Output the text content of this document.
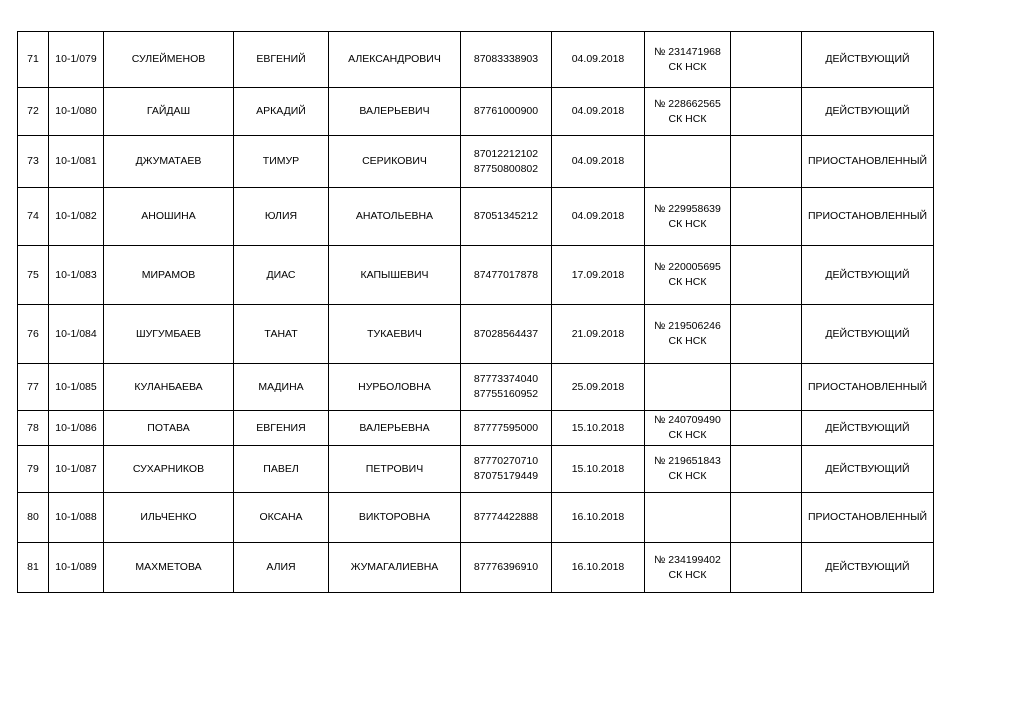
71	10-1/079	СУЛЕЙМЕНОВ	ЕВГЕНИЙ	АЛЕКСАНДРОВИЧ	87083338903	04.09.2018	№ 231471968
СК НСК		ДЕЙСТВУЮЩИЙ
72	10-1/080	ГАЙДАШ	АРКАДИЙ	ВАЛЕРЬЕВИЧ	87761000900	04.09.2018	№ 228662565
СК НСК		ДЕЙСТВУЮЩИЙ
73	10-1/081	ДЖУМАТАЕВ	ТИМУР	СЕРИКОВИЧ	87012212102
87750800802	04.09.2018			ПРИОСТАНОВЛЕННЫЙ
74	10-1/082	АНОШИНА	ЮЛИЯ	АНАТОЛЬЕВНА	87051345212	04.09.2018	№ 229958639
СК НСК		ПРИОСТАНОВЛЕННЫЙ
75	10-1/083	МИРАМОВ	ДИАС	КАПЫШЕВИЧ	87477017878	17.09.2018	№ 220005695
СК НСК		ДЕЙСТВУЮЩИЙ
76	10-1/084	ШУГУМБАЕВ	ТАНАТ	ТУКАЕВИЧ	87028564437	21.09.2018	№ 219506246
СК НСК		ДЕЙСТВУЮЩИЙ
77	10-1/085	КУЛАНБАЕВА	МАДИНА	НУРБОЛОВНА	87773374040
87755160952	25.09.2018			ПРИОСТАНОВЛЕННЫЙ
78	10-1/086	ПОТАВА	ЕВГЕНИЯ	ВАЛЕРЬЕВНА	87777595000	15.10.2018	№ 240709490
СК НСК		ДЕЙСТВУЮЩИЙ
79	10-1/087	СУХАРНИКОВ	ПАВЕЛ	ПЕТРОВИЧ	87770270710
87075179449	15.10.2018	№ 219651843
СК НСК		ДЕЙСТВУЮЩИЙ
80	10-1/088	ИЛЬЧЕНКО	ОКСАНА	ВИКТОРОВНА	87774422888	16.10.2018			ПРИОСТАНОВЛЕННЫЙ
81	10-1/089	МАХМЕТОВА	АЛИЯ	ЖУМАГАЛИЕВНА	87776396910	16.10.2018	№ 234199402
СК НСК		ДЕЙСТВУЮЩИЙ
